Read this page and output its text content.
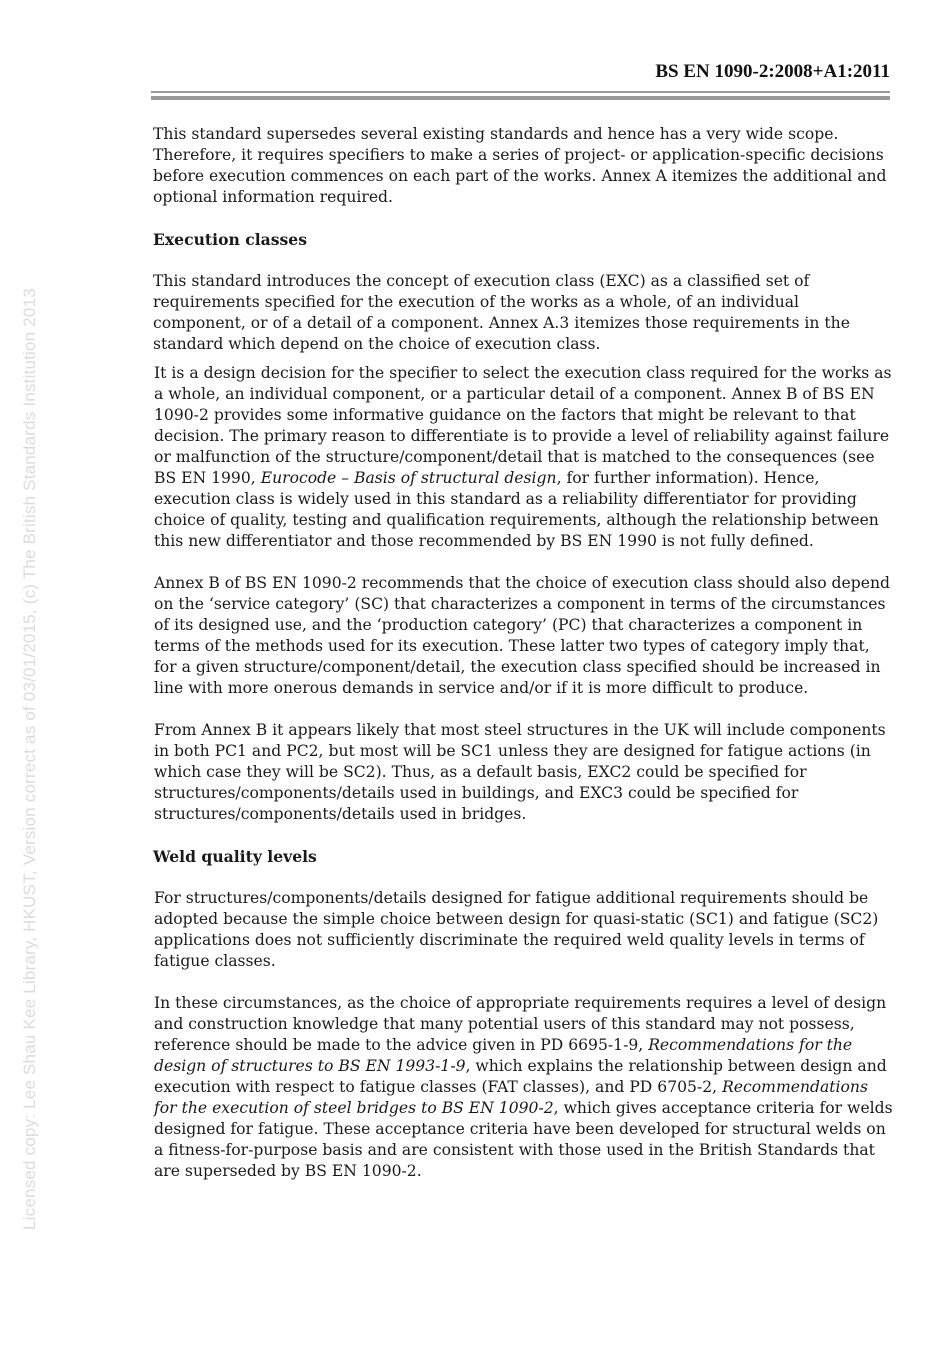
Licensed copy: Lee Shau Kee Library, HKUST, Version correct as of 03/01/2015, (c) The British Standards Institution 2013
BS EN 1090-2:2008+A1:2011

This standard supersedes several existing standards and hence has a very wide scope. Therefore, it requires specifiers to make a series of project- or application-specific decisions before execution commences on each part of the works. Annex A itemizes the additional and optional information required.

Execution classes

This standard introduces the concept of execution class (EXC) as a classified set of requirements specified for the execution of the works as a whole, of an individual component, or of a detail of a component. Annex A.3 itemizes those requirements in the standard which depend on the choice of execution class.

It is a design decision for the specifier to select the execution class required for the works as a whole, an individual component, or a particular detail of a component. Annex B of BS EN 1090-2 provides some informative guidance on the factors that might be relevant to that decision. The primary reason to differentiate is to provide a level of reliability against failure or malfunction of the structure/component/detail that is matched to the consequences (see BS EN 1990, Eurocode – Basis of structural design, for further information). Hence, execution class is widely used in this standard as a reliability differentiator for providing choice of quality, testing and qualification requirements, although the relationship between this new differentiator and those recommended by BS EN 1990 is not fully defined.

Annex B of BS EN 1090-2 recommends that the choice of execution class should also depend on the ‘service category’ (SC) that characterizes a component in terms of the circumstances of its designed use, and the ‘production category’ (PC) that characterizes a component in terms of the methods used for its execution. These latter two types of category imply that, for a given structure/component/detail, the execution class specified should be increased in line with more onerous demands in service and/or if it is more difficult to produce.

From Annex B it appears likely that most steel structures in the UK will include components in both PC1 and PC2, but most will be SC1 unless they are designed for fatigue actions (in which case they will be SC2). Thus, as a default basis, EXC2 could be specified for structures/components/details used in buildings, and EXC3 could be specified for structures/components/details used in bridges.

Weld quality levels

For structures/components/details designed for fatigue additional requirements should be adopted because the simple choice between design for quasi-static (SC1) and fatigue (SC2) applications does not sufficiently discriminate the required weld quality levels in terms of fatigue classes.

In these circumstances, as the choice of appropriate requirements requires a level of design and construction knowledge that many potential users of this standard may not possess, reference should be made to the advice given in PD 6695-1-9, Recommendations for the design of structures to BS EN 1993-1-9, which explains the relationship between design and execution with respect to fatigue classes (FAT classes), and PD 6705-2, Recommendations for the execution of steel bridges to BS EN 1090-2, which gives acceptance criteria for welds designed for fatigue. These acceptance criteria have been developed for structural welds on a fitness-for-purpose basis and are consistent with those used in the British Standards that are superseded by BS EN 1090-2.
